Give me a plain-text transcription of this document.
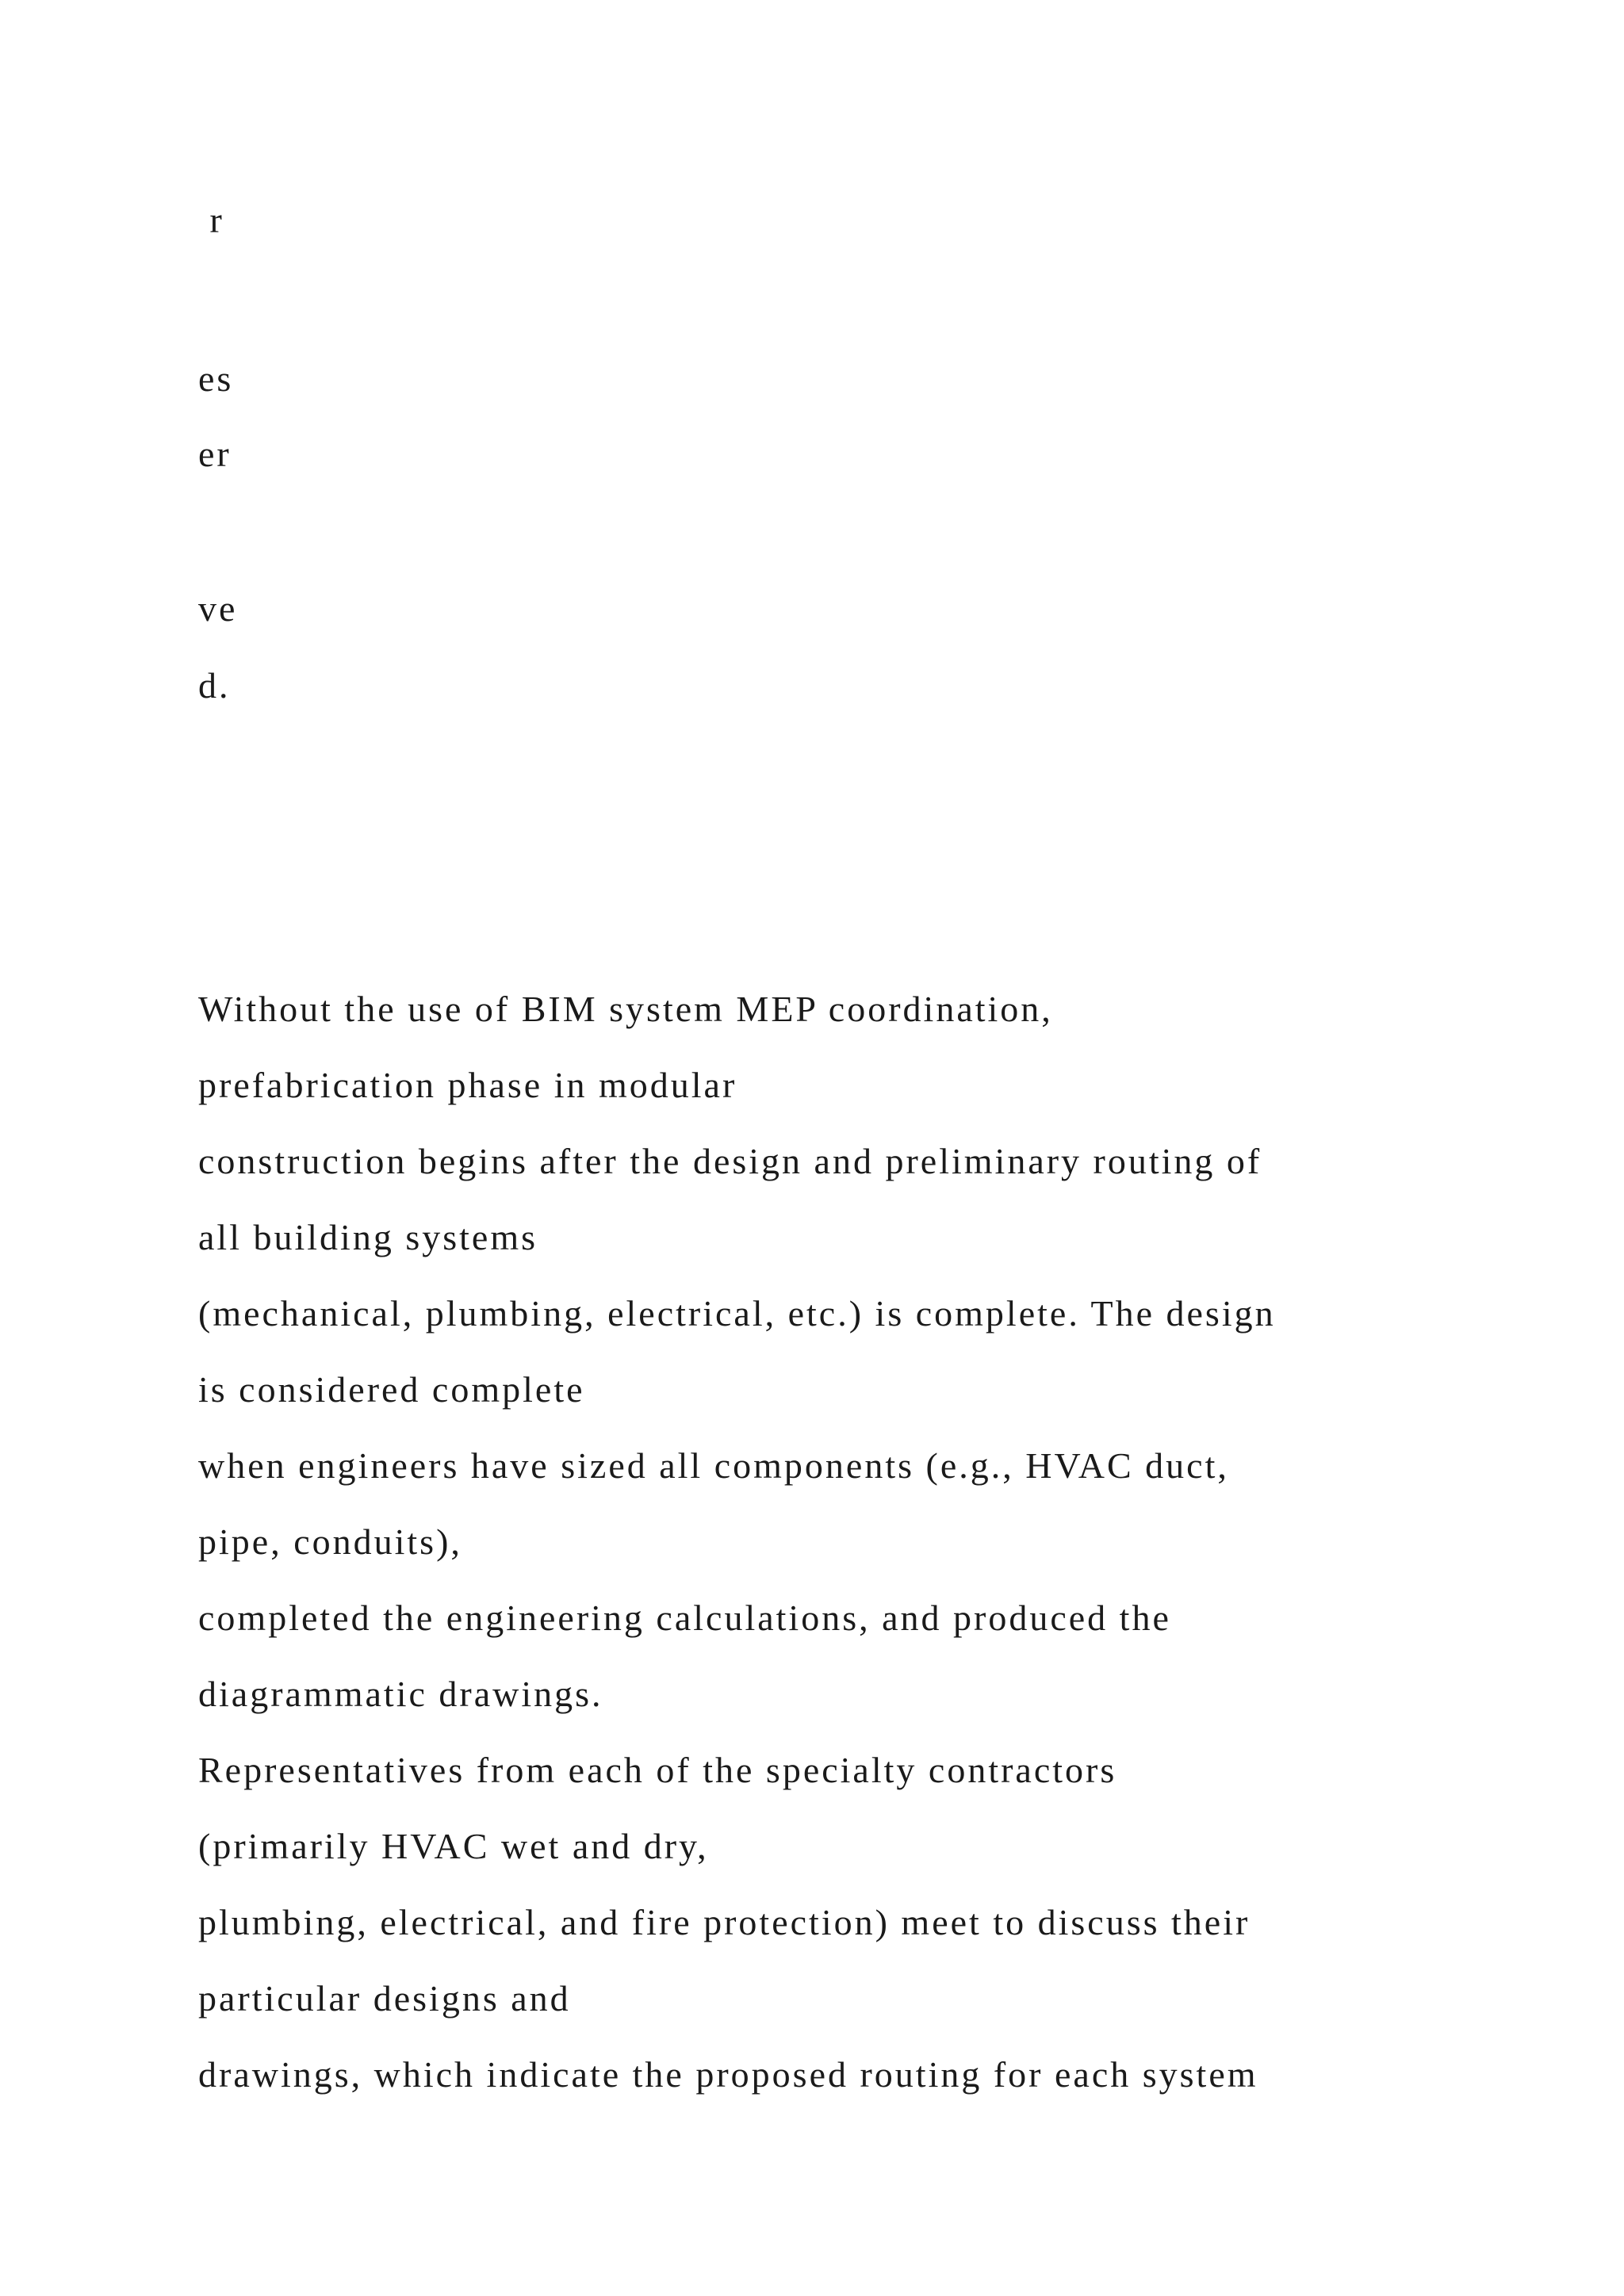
r
es
er
ve
d.
Without the use of BIM system MEP coordination,
prefabrication phase in modular
construction begins after the design and preliminary routing of
all building systems
(mechanical, plumbing, electrical, etc.) is complete. The design
is considered complete
when engineers have sized all components (e.g., HVAC duct,
pipe, conduits),
completed the engineering calculations, and produced the
diagrammatic drawings.
Representatives from each of the specialty contractors
(primarily HVAC wet and dry,
plumbing, electrical, and fire protection) meet to discuss their
particular designs and
drawings, which indicate the proposed routing for each system
